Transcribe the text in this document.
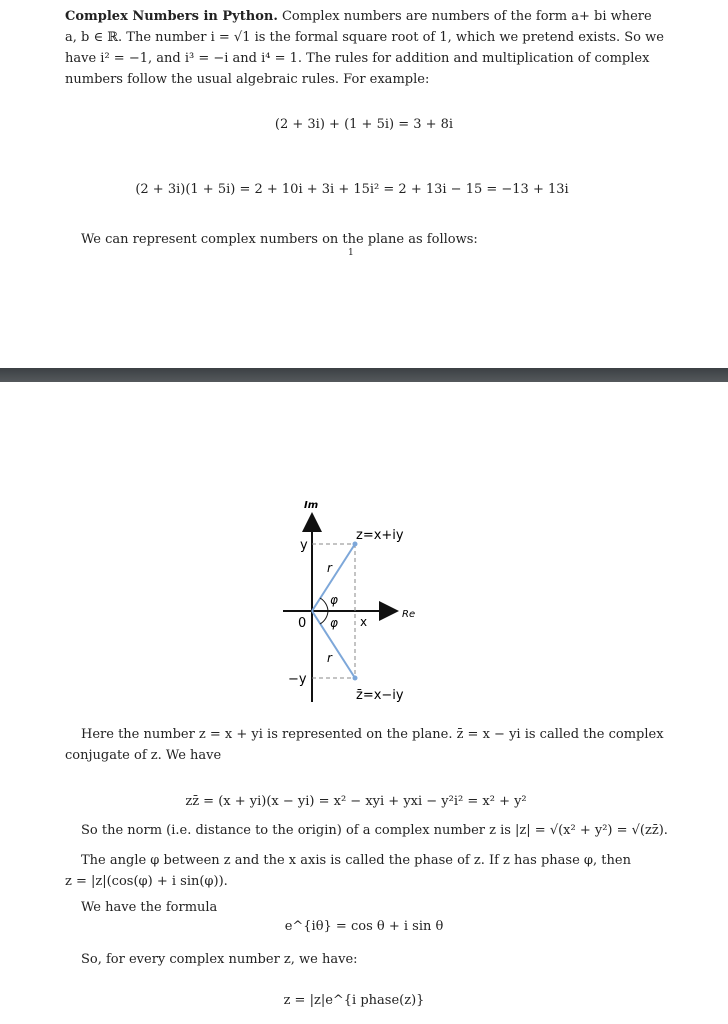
Complex Numbers in Python. Complex numbers are numbers of the form a+ bi where
a, b ∈ ℝ. The number i = √1 is the formal square root of 1, which we pretend exists. So we
have i² = −1, and i³ = −i and i⁴ = 1. The rules for addition and multiplication of complex
numbers follow the usual algebraic rules. For example:
(2 + 3i) + (1 + 5i) = 3 + 8i
(2 + 3i)(1 + 5i) = 2 + 10i + 3i + 15i² = 2 + 13i − 15 = −13 + 13i
We can represent complex numbers on the plane as follows:
1
Im
Re
0
y
−y
x
r
r
φ
φ
z=x+iy
z̄=x−iy
Here the number z = x + yi is represented on the plane. z̄ = x − yi is called the complex
conjugate of z. We have
zz̄ = (x + yi)(x − yi) = x² − xyi + yxi − y²i² = x² + y²
So the norm (i.e. distance to the origin) of a complex number z is |z| = √(x² + y²) = √(zz̄).
The angle φ between z and the x axis is called the phase of z. If z has phase φ, then
z = |z|(cos(φ) + i sin(φ)).
We have the formula
e^{iθ} = cos θ + i sin θ
So, for every complex number z, we have:
z = |z|e^{i phase(z)}
